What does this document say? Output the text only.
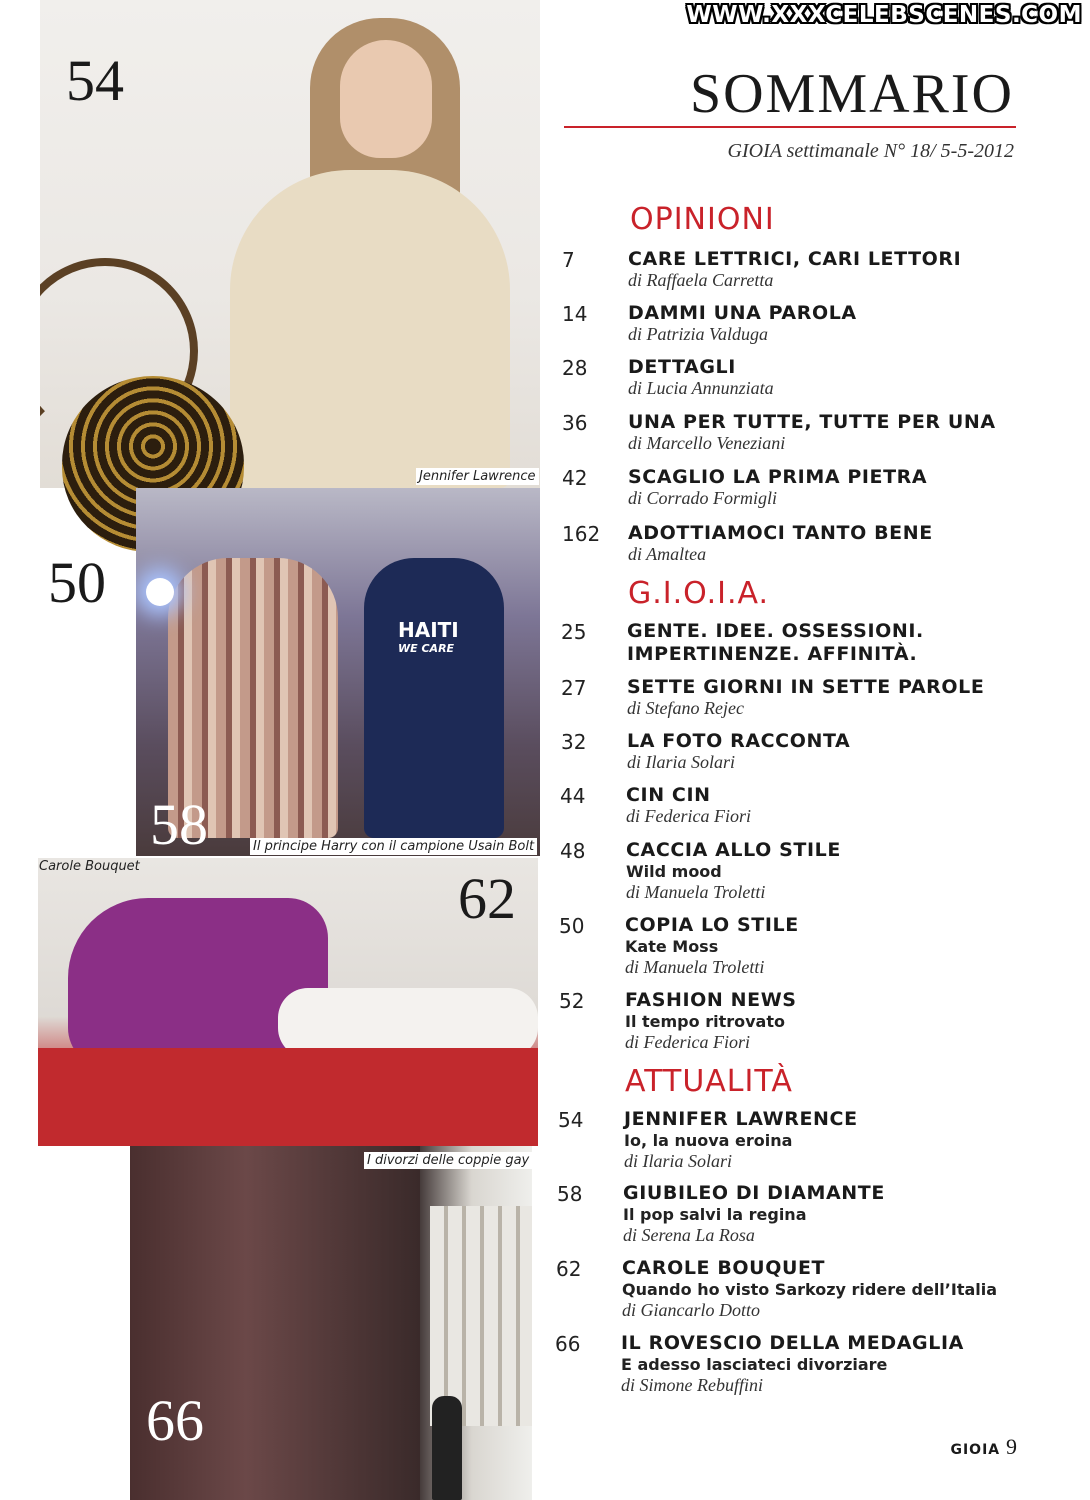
HAITI
WE CARE
54
50
58
62
66
Jennifer Lawrence
Il principe Harry con il campione Usain Bolt
Carole Bouquet
I divorzi delle coppie gay
WWW.XXXCELEBSCENES.COM
SOMMARIO
GIOIA settimanale N° 18/ 5-5-2012
OPINIONI
7	CARE LETTRICI, CARI LETTORI
di Raffaela Carretta
14 DAMMI UNA PAROLA
di Patrizia Valduga
28 DETTAGLI
di Lucia Annunziata
36 UNA PER TUTTE, TUTTE PER UNA
di Marcello Veneziani
42 SCAGLIO LA PRIMA PIETRA
di Corrado Formigli
162 ADOTTIAMOCI TANTO BENE
di Amaltea
G.I.O.I.A.
25 GENTE. IDEE. OSSESSIONI.
IMPERTINENZE. AFFINITÀ.
27 SETTE GIORNI IN SETTE PAROLE
di Stefano Rejec
32 LA FOTO RACCONTA
di Ilaria Solari
44 CIN CIN
di Federica Fiori
48 CACCIA ALLO STILE
Wild mood
di Manuela Troletti
50 COPIA LO STILE
Kate Moss
di Manuela Troletti
52 FASHION NEWS
Il tempo ritrovato
di Federica Fiori
ATTUALITÀ
54 JENNIFER LAWRENCE
Io, la nuova eroina
di Ilaria Solari
58 GIUBILEO DI DIAMANTE
Il pop salvi la regina
di Serena La Rosa
62 CAROLE BOUQUET
Quando ho visto Sarkozy ridere dell’Italia
di Giancarlo Dotto
66 IL ROVESCIO DELLA MEDAGLIA
E adesso lasciateci divorziare
di Simone Rebuffini
GIOIA 9
